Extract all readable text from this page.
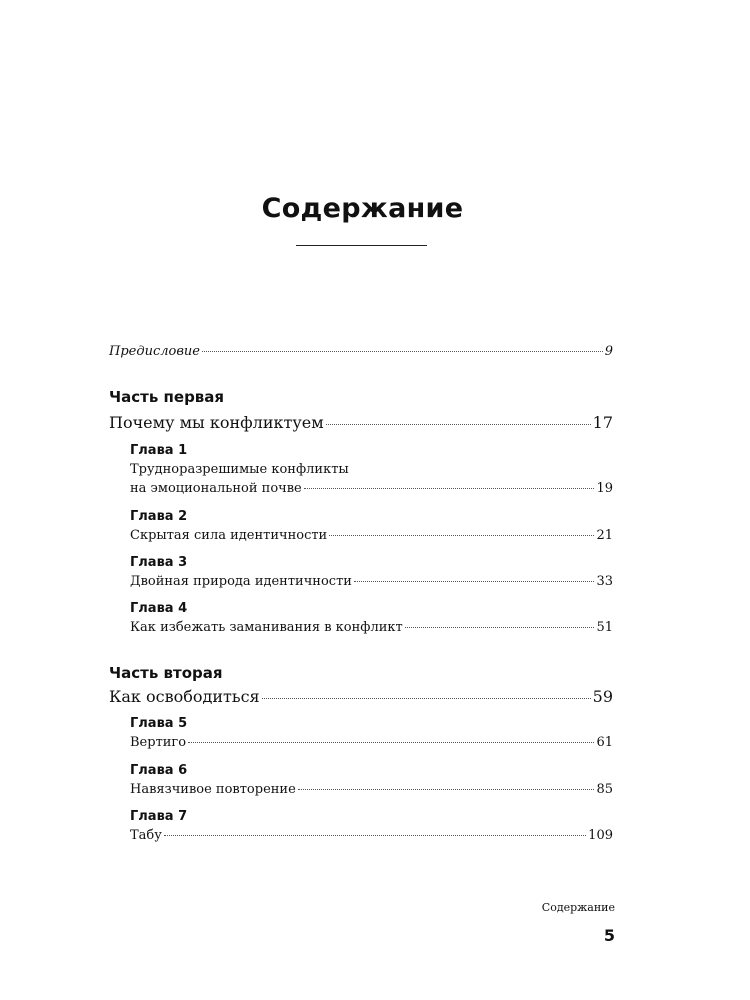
Содержание
Предисловие	9
Часть первая
Почему мы конфликтуем	17
Глава 1
Трудноразрешимые конфликты
на эмоциональной почве	19
Глава 2
Скрытая сила идентичности	21
Глава 3
Двойная природа идентичности	33
Глава 4
Как избежать заманивания в конфликт	51
Часть вторая
Как освободиться	59
Глава 5
Вертиго	61
Глава 6
Навязчивое повторение	85
Глава 7
Табу	109
Содержание
5
